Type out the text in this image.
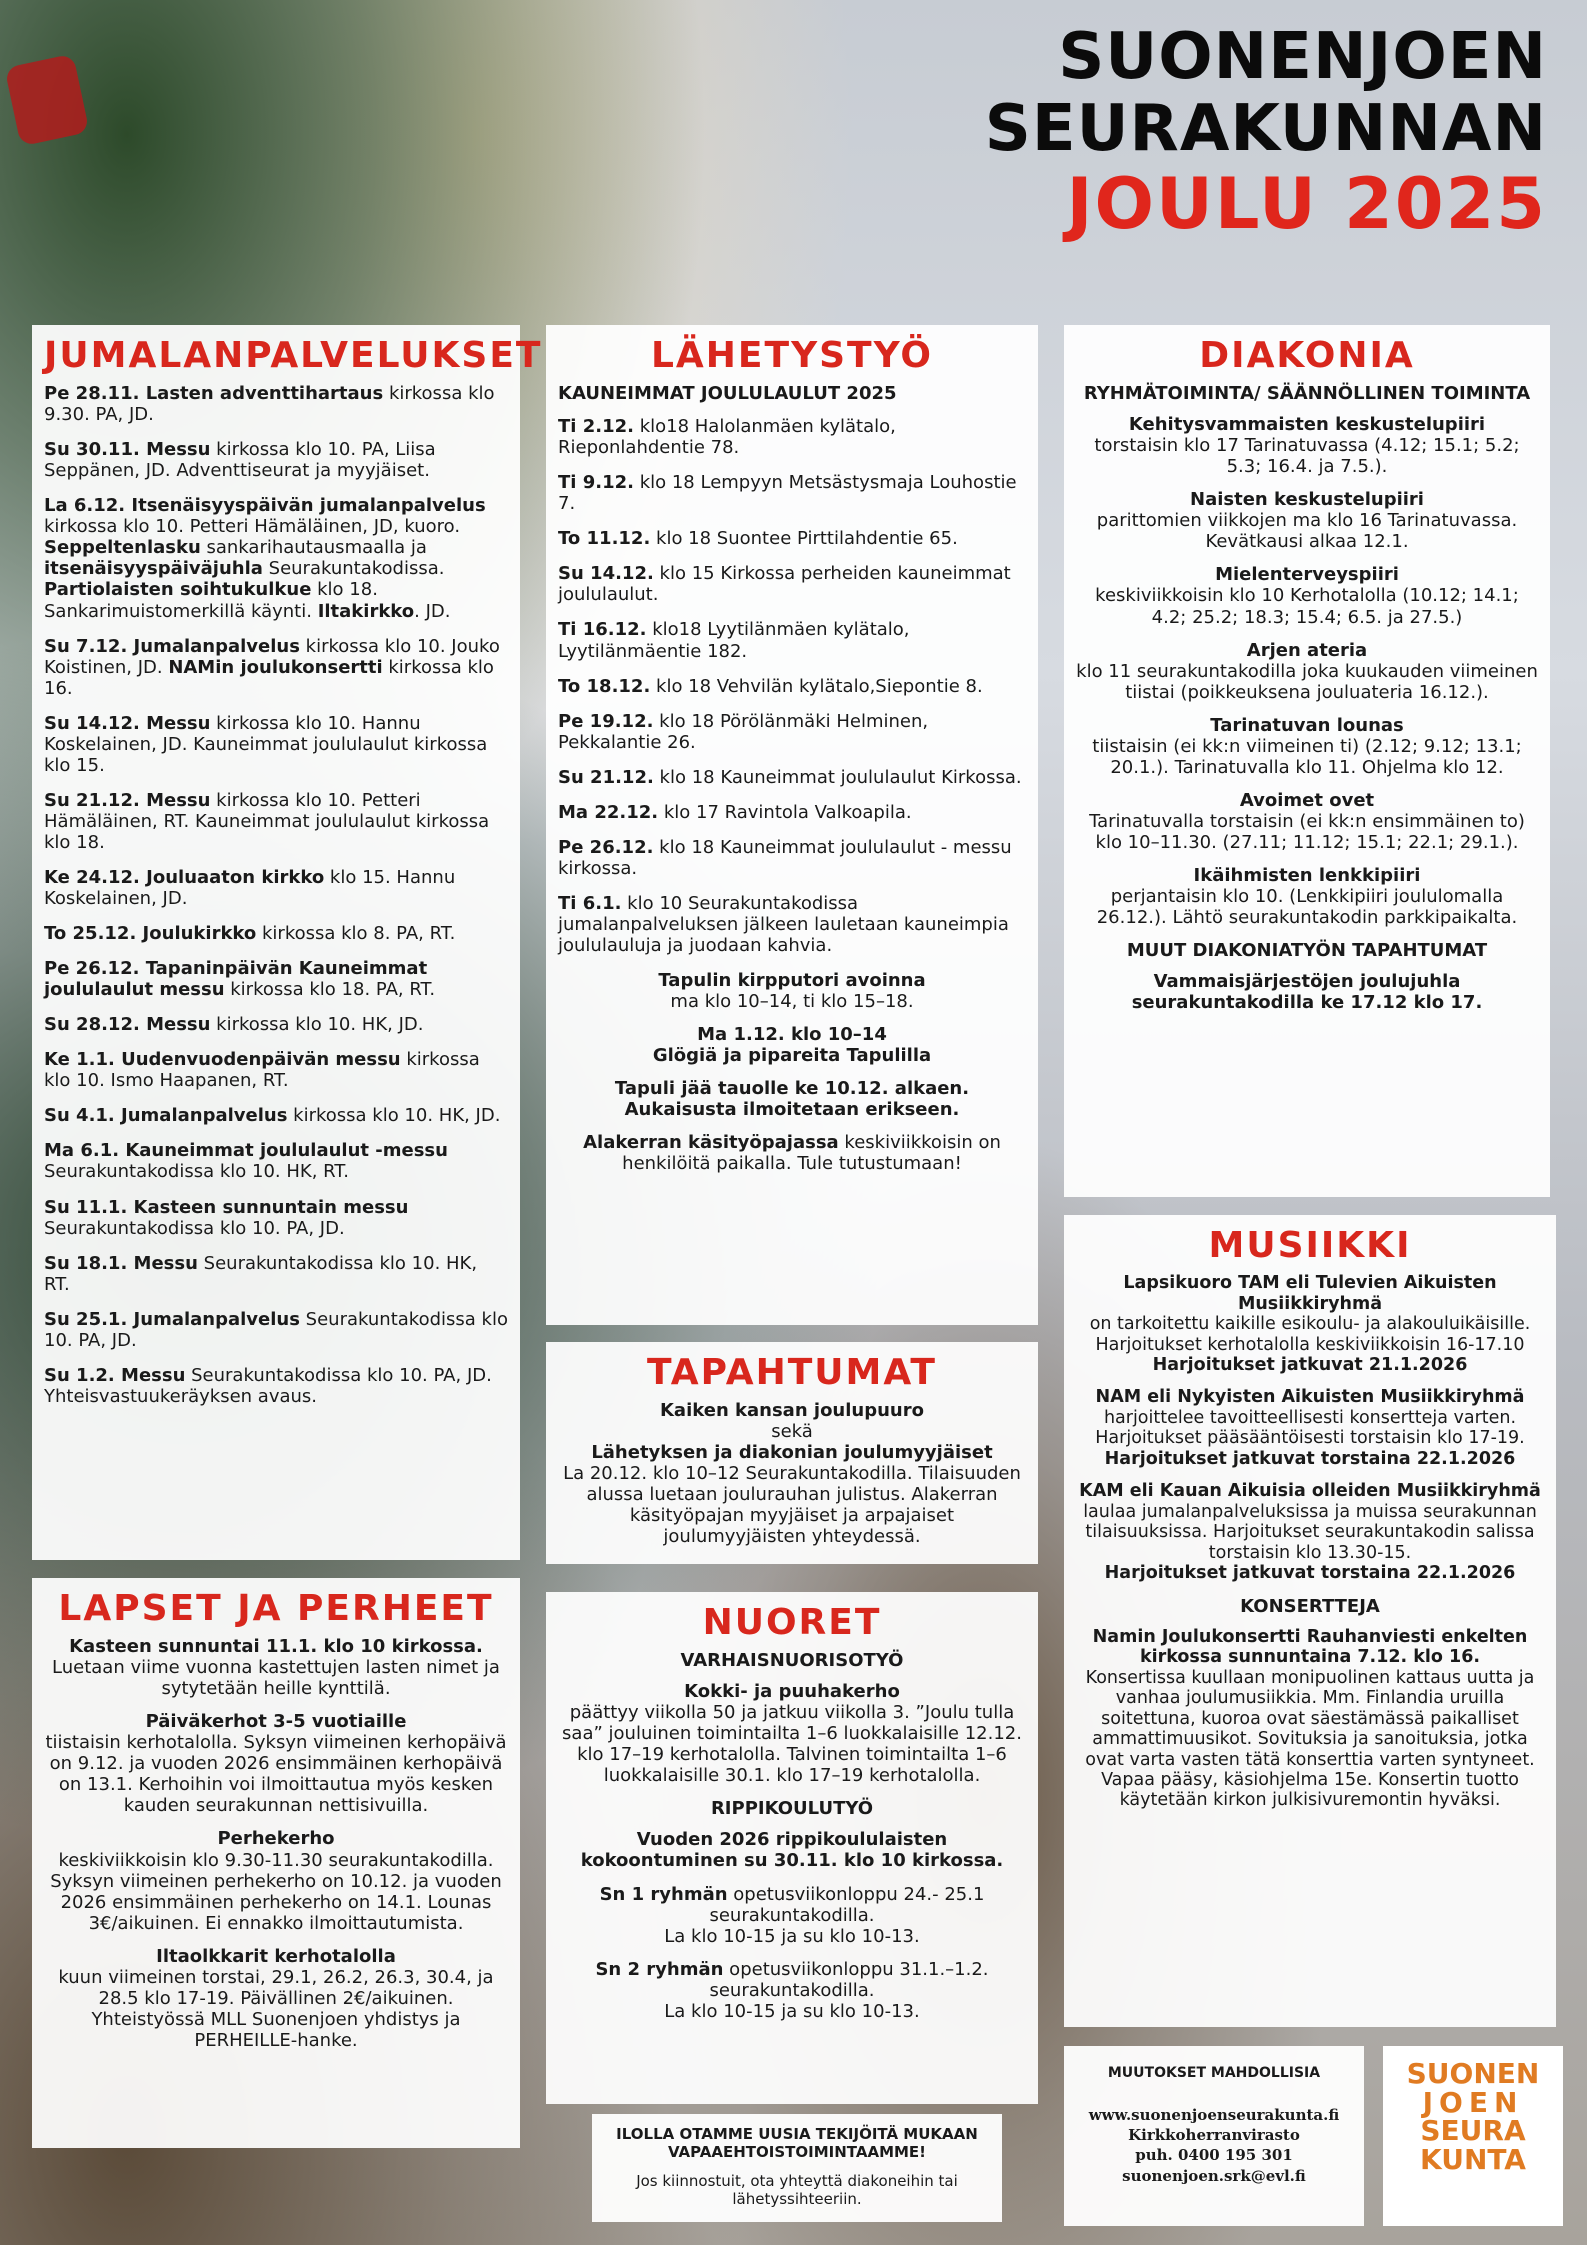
SUONENJOEN
SEURAKUNNAN
JOULU 2025
JUMALANPALVELUKSET
Pe 28.11. Lasten adventtihartaus kirkossa klo 9.30. PA, JD.
Su 30.11. Messu kirkossa klo 10. PA, Liisa Seppänen, JD. Adventtiseurat ja myyjäiset.
La 6.12. Itsenäisyyspäivän jumalanpalvelus kirkossa klo 10. Petteri Hämäläinen, JD, kuoro. Seppeltenlasku sankarihautausmaalla ja itsenäisyyspäiväjuhla Seurakuntakodissa. Partiolaisten soihtukulkue klo 18. Sankarimuistomerkillä käynti. Iltakirkko. JD.
Su 7.12. Jumalanpalvelus kirkossa klo 10. Jouko Koistinen, JD. NAMin joulukonsertti kirkossa klo 16.
Su 14.12. Messu kirkossa klo 10. Hannu Koskelainen, JD. Kauneimmat joululaulut kirkossa klo 15.
Su 21.12. Messu kirkossa klo 10. Petteri Hämäläinen, RT. Kauneimmat joululaulut kirkossa klo 18.
Ke 24.12. Jouluaaton kirkko klo 15. Hannu Koskelainen, JD.
To 25.12. Joulukirkko kirkossa klo 8. PA, RT.
Pe 26.12. Tapaninpäivän Kauneimmat joululaulut messu kirkossa klo 18. PA, RT.
Su 28.12. Messu kirkossa klo 10. HK, JD.
Ke 1.1. Uudenvuodenpäivän messu kirkossa klo 10. Ismo Haapanen, RT.
Su 4.1. Jumalanpalvelus kirkossa klo 10. HK, JD.
Ma 6.1. Kauneimmat joululaulut -messu Seurakuntakodissa klo 10. HK, RT.
Su 11.1. Kasteen sunnuntain messu Seurakuntakodissa klo 10. PA, JD.
Su 18.1. Messu Seurakuntakodissa klo 10. HK, RT.
Su 25.1. Jumalanpalvelus Seurakuntakodissa klo 10. PA, JD.
Su 1.2. Messu Seurakuntakodissa klo 10. PA, JD. Yhteisvastuukeräyksen avaus.
LAPSET JA PERHEET
Kasteen sunnuntai 11.1. klo 10 kirkossa.
Luetaan viime vuonna kastettujen lasten nimet ja sytytetään heille kynttilä.
Päiväkerhot 3-5 vuotiaille
tiistaisin kerhotalolla. Syksyn viimeinen kerhopäivä on 9.12. ja vuoden 2026 ensimmäinen kerhopäivä on 13.1. Kerhoihin voi ilmoittautua myös kesken kauden seurakunnan nettisivuilla.
Perhekerho
keskiviikkoisin klo 9.30-11.30 seurakuntakodilla. Syksyn viimeinen perhekerho on 10.12. ja vuoden 2026 ensimmäinen perhekerho on 14.1. Lounas 3€/aikuinen. Ei ennakko ilmoittautumista.
Iltaolkkarit kerhotalolla
kuun viimeinen torstai, 29.1, 26.2, 26.3, 30.4, ja 28.5 klo 17-19. Päivällinen 2€/aikuinen. Yhteistyössä MLL Suonenjoen yhdistys ja PERHEILLE-hanke.
LÄHETYSTYÖ
KAUNEIMMAT JOULULAULUT 2025
Ti 2.12. klo18 Halolanmäen kylätalo, Rieponlahdentie 78.
Ti 9.12. klo 18 Lempyyn Metsästysmaja Louhostie 7.
To 11.12. klo 18 Suontee Pirttilahdentie 65.
Su 14.12. klo 15 Kirkossa perheiden kauneimmat joululaulut.
Ti 16.12. klo18 Lyytilänmäen kylätalo, Lyytilänmäentie 182.
To 18.12. klo 18 Vehvilän kylätalo,Siepontie 8.
Pe 19.12. klo 18 Pörölänmäki Helminen, Pekkalantie 26.
Su 21.12. klo 18 Kauneimmat joululaulut Kirkossa.
Ma 22.12. klo 17 Ravintola Valkoapila.
Pe 26.12. klo 18 Kauneimmat joululaulut - messu kirkossa.
Ti 6.1. klo 10 Seurakuntakodissa jumalanpalveluksen jälkeen lauletaan kauneimpia joululauluja ja juodaan kahvia.
Tapulin kirpputori avoinna
ma klo 10–14, ti klo 15–18.
Ma 1.12. klo 10–14
Glögiä ja pipareita Tapulilla
Tapuli jää tauolle ke 10.12. alkaen.
Aukaisusta ilmoitetaan erikseen.
Alakerran käsityöpajassa keskiviikkoisin on henkilöitä paikalla. Tule tutustumaan!
TAPAHTUMAT
Kaiken kansan joulupuuro
sekä
Lähetyksen ja diakonian joulumyyjäiset
La 20.12. klo 10–12 Seurakuntakodilla. Tilaisuuden alussa luetaan joulurauhan julistus. Alakerran käsityöpajan myyjäiset ja arpajaiset joulumyyjäisten yhteydessä.
NUORET
VARHAISNUORISOTYÖ
Kokki- ja puuhakerho
päättyy viikolla 50 ja jatkuu viikolla 3. ”Joulu tulla saa” jouluinen toimintailta 1–6 luokkalaisille 12.12. klo 17–19 kerhotalolla. Talvinen toimintailta 1–6 luokkalaisille 30.1. klo 17–19 kerhotalolla.
RIPPIKOULUTYÖ
Vuoden 2026 rippikoululaisten kokoontuminen su 30.11. klo 10 kirkossa.
Sn 1 ryhmän opetusviikonloppu 24.- 25.1 seurakuntakodilla.
La klo 10-15 ja su klo 10-13.
Sn 2 ryhmän opetusviikonloppu 31.1.–1.2. seurakuntakodilla.
La klo 10-15 ja su klo 10-13.
ILOLLA OTAMME UUSIA TEKIJÖITÄ MUKAAN VAPAAEHTOISTOIMINTAAMME!
Jos kiinnostuit, ota yhteyttä diakoneihin tai lähetyssihteeriin.
DIAKONIA
RYHMÄTOIMINTA/ SÄÄNNÖLLINEN TOIMINTA
Kehitysvammaisten keskustelupiiri
torstaisin klo 17 Tarinatuvassa (4.12; 15.1; 5.2; 5.3; 16.4. ja 7.5.).
Naisten keskustelupiiri
parittomien viikkojen ma klo 16 Tarinatuvassa. Kevätkausi alkaa 12.1.
Mielenterveyspiiri
keskiviikkoisin klo 10 Kerhotalolla (10.12; 14.1; 4.2; 25.2; 18.3; 15.4; 6.5. ja 27.5.)
Arjen ateria
klo 11 seurakuntakodilla joka kuukauden viimeinen tiistai (poikkeuksena jouluateria 16.12.).
Tarinatuvan lounas
tiistaisin (ei kk:n viimeinen ti) (2.12; 9.12; 13.1; 20.1.). Tarinatuvalla klo 11. Ohjelma klo 12.
Avoimet ovet
Tarinatuvalla torstaisin (ei kk:n ensimmäinen to) klo 10–11.30. (27.11; 11.12; 15.1; 22.1; 29.1.).
Ikäihmisten lenkkipiiri
perjantaisin klo 10. (Lenkkipiiri joululomalla 26.12.). Lähtö seurakuntakodin parkkipaikalta.
MUUT DIAKONIATYÖN TAPAHTUMAT
Vammaisjärjestöjen joulujuhla seurakuntakodilla ke 17.12 klo 17.
MUSIIKKI
Lapsikuoro TAM eli Tulevien Aikuisten Musiikkiryhmä
on tarkoitettu kaikille esikoulu- ja alakouluikäisille. Harjoitukset kerhotalolla keskiviikkoisin 16-17.10
Harjoitukset jatkuvat 21.1.2026
NAM eli Nykyisten Aikuisten Musiikkiryhmä
harjoittelee tavoitteellisesti konsertteja varten. Harjoitukset pääsääntöisesti torstaisin klo 17-19.
Harjoitukset jatkuvat torstaina 22.1.2026
KAM eli Kauan Aikuisia olleiden Musiikkiryhmä
laulaa jumalanpalveluksissa ja muissa seurakunnan tilaisuuksissa. Harjoitukset seurakuntakodin salissa torstaisin klo 13.30-15.
Harjoitukset jatkuvat torstaina 22.1.2026
KONSERTTEJA
Namin Joulukonsertti Rauhanviesti enkelten kirkossa sunnuntaina 7.12. klo 16.
Konsertissa kuullaan monipuolinen kattaus uutta ja vanhaa joulumusiikkia. Mm. Finlandia uruilla soitettuna, kuoroa ovat säestämässä paikalliset ammattimuusikot. Sovituksia ja sanoituksia, jotka ovat varta vasten tätä konserttia varten syntyneet. Vapaa pääsy, käsiohjelma 15e. Konsertin tuotto käytetään kirkon julkisivuremontin hyväksi.
MUUTOKSET MAHDOLLISIA
www.suonenjoenseurakunta.fi
Kirkkoherranvirasto
puh. 0400 195 301
suonenjoen.srk@evl.fi
SUONEN
JOEN
SEURA
KUNTA
